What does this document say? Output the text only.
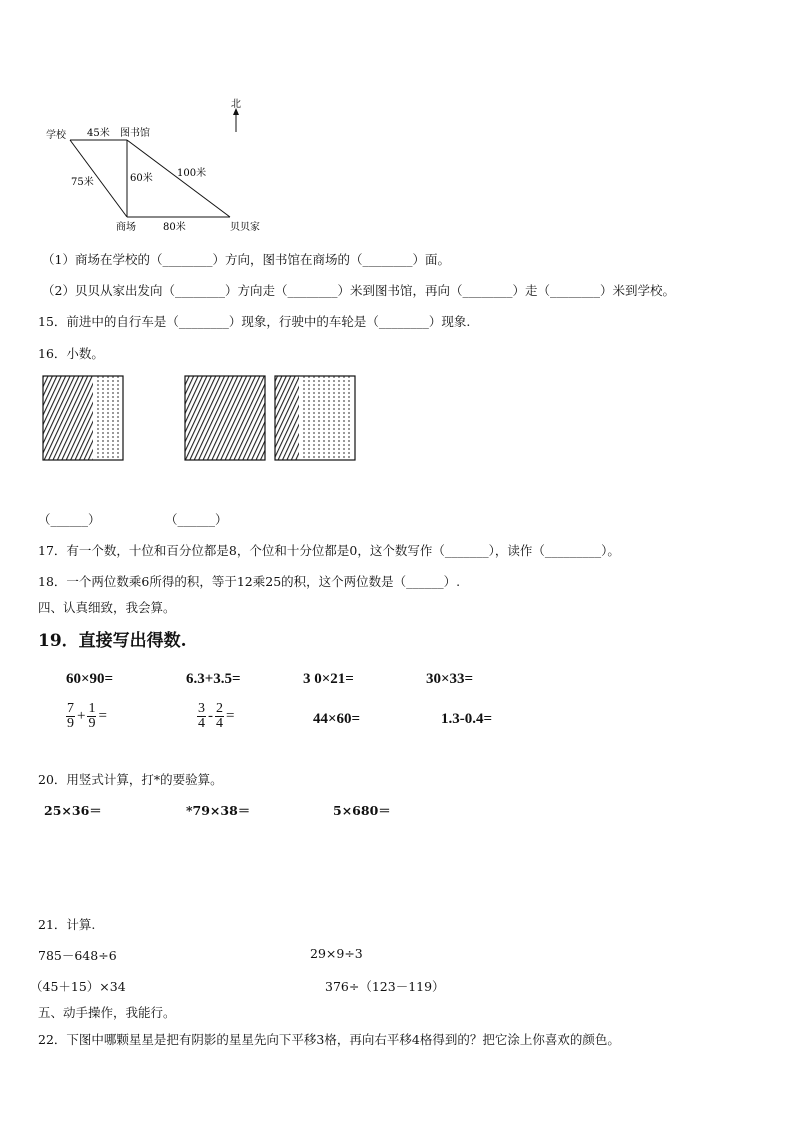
北
学校	图书馆
商场	贝贝家
45米
75米	60米 100米
80米
（1）商场在学校的（________）方向，图书馆在商场的（________）面。
（2）贝贝从家出发向（________）方向走（________）米到图书馆，再向（________）走（________）米到学校。
15．前进中的自行车是（________）现象，行驶中的车轮是（________）现象.
16．小数。
（______）	（______）
17．有一个数，十位和百分位都是8，个位和十分位都是0，这个数写作（_______），读作（_________）。
18．一个两位数乘6所得的积，等于12乘25的积，这个两位数是（______）.
四、认真细致，我会算。
19．直接写出得数.
60×90=	6.3+3.5=	3 0×21=	30×33=
$\frac{7}{9} + \frac{1}{9}$ =	$\frac{3}{4} - \frac{2}{4}$ =	44×60=	1.3-0.4=
20．用竖式计算，打*的要验算。
25×36＝	*79×38＝	5×680＝
21．计算.
785－648÷6	29×9÷3
（45＋15）×34	376÷（123－119）
五、动手操作，我能行。
22．下图中哪颗星星是把有阴影的星星先向下平移3格，再向右平移4格得到的？把它涂上你喜欢的颜色。
